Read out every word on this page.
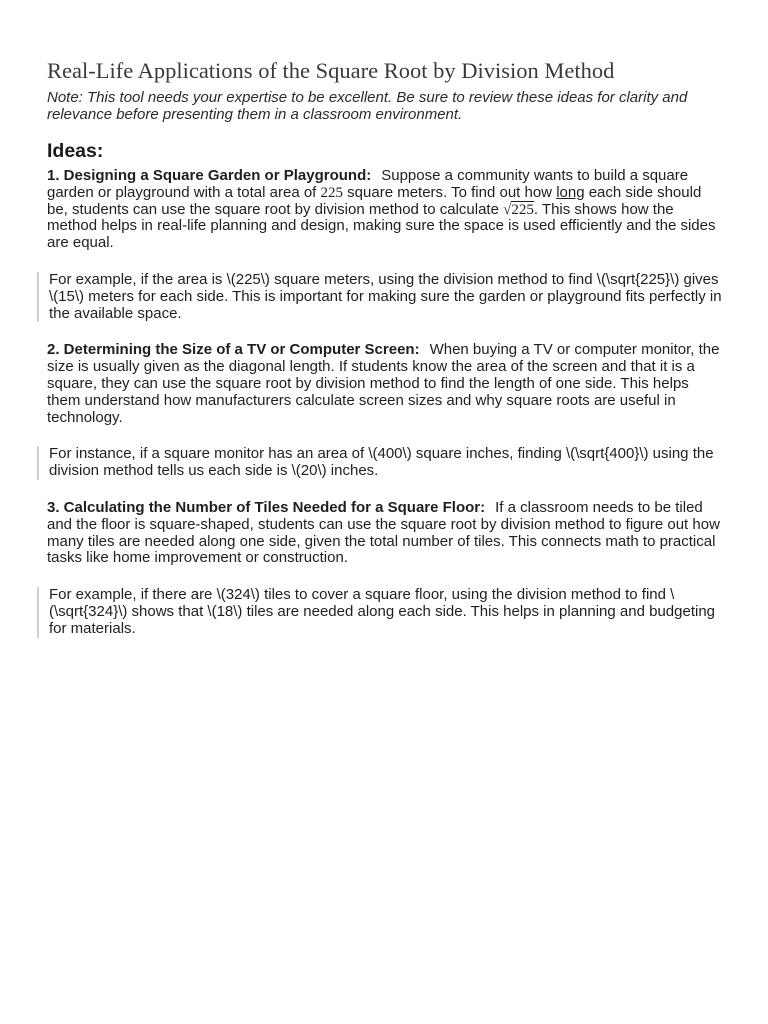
Real-Life Applications of the Square Root by Division Method

Note: This tool needs your expertise to be excellent. Be sure to review these ideas for clarity and relevance before presenting them in a classroom environment.

Ideas:

1. Designing a Square Garden or Playground: Suppose a community wants to build a square garden or playground with a total area of 225 square meters. To find out how long each side should be, students can use the square root by division method to calculate √225. This shows how the method helps in real-life planning and design, making sure the space is used efficiently and the sides are equal.

For example, if the area is \(225\) square meters, using the division method to find \(\sqrt{225}\) gives \(15\) meters for each side. This is important for making sure the garden or playground fits perfectly in the available space.

2. Determining the Size of a TV or Computer Screen: When buying a TV or computer monitor, the size is usually given as the diagonal length. If students know the area of the screen and that it is a square, they can use the square root by division method to find the length of one side. This helps them understand how manufacturers calculate screen sizes and why square roots are useful in technology.

For instance, if a square monitor has an area of \(400\) square inches, finding \(\sqrt{400}\) using the division method tells us each side is \(20\) inches.

3. Calculating the Number of Tiles Needed for a Square Floor: If a classroom needs to be tiled and the floor is square-shaped, students can use the square root by division method to figure out how many tiles are needed along one side, given the total number of tiles. This connects math to practical tasks like home improvement or construction.

For example, if there are \(324\) tiles to cover a square floor, using the division method to find \(\sqrt{324}\) shows that \(18\) tiles are needed along each side. This helps in planning and budgeting for materials.
